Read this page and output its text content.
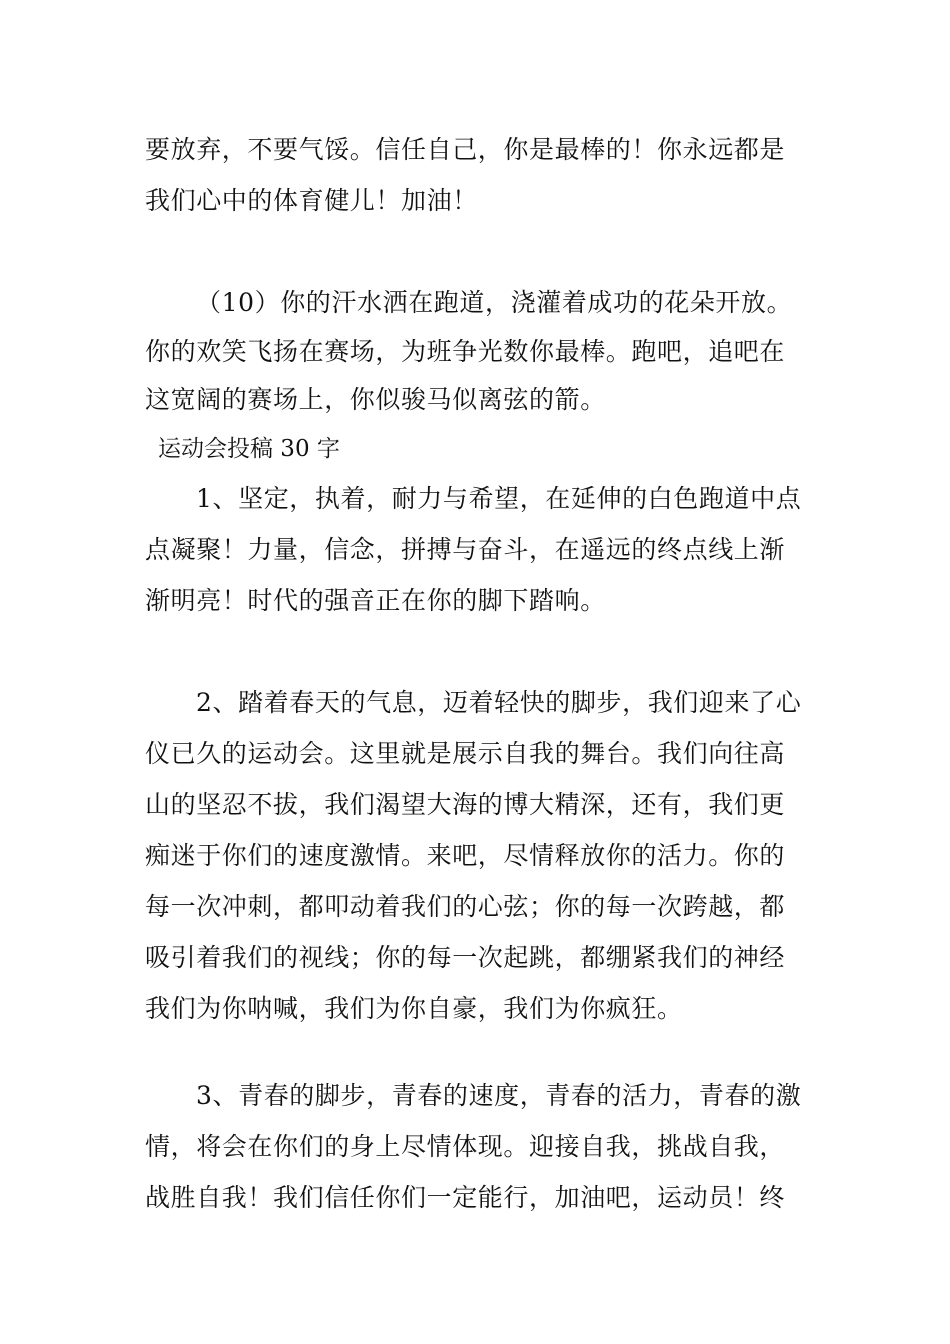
要放弃，不要气馁。信任自己，你是最棒的！你永远都是
我们心中的体育健儿！加油！
（10）你的汗水洒在跑道，浇灌着成功的花朵开放。
你的欢笑飞扬在赛场，为班争光数你最棒。跑吧，追吧在
这宽阔的赛场上，你似骏马似离弦的箭。
运动会投稿 30 字
1、坚定，执着，耐力与希望，在延伸的白色跑道中点
点凝聚！力量，信念，拼搏与奋斗，在遥远的终点线上渐
渐明亮！时代的强音正在你的脚下踏响。
2、踏着春天的气息，迈着轻快的脚步，我们迎来了心
仪已久的运动会。这里就是展示自我的舞台。我们向往高
山的坚忍不拔，我们渴望大海的博大精深，还有，我们更
痴迷于你们的速度激情。来吧，尽情释放你的活力。你的
每一次冲刺，都叩动着我们的心弦；你的每一次跨越，都
吸引着我们的视线；你的每一次起跳，都绷紧我们的神经
我们为你呐喊，我们为你自豪，我们为你疯狂。
3、青春的脚步，青春的速度，青春的活力，青春的激
情，将会在你们的身上尽情体现。迎接自我，挑战自我，
战胜自我！我们信任你们一定能行，加油吧，运动员！终
